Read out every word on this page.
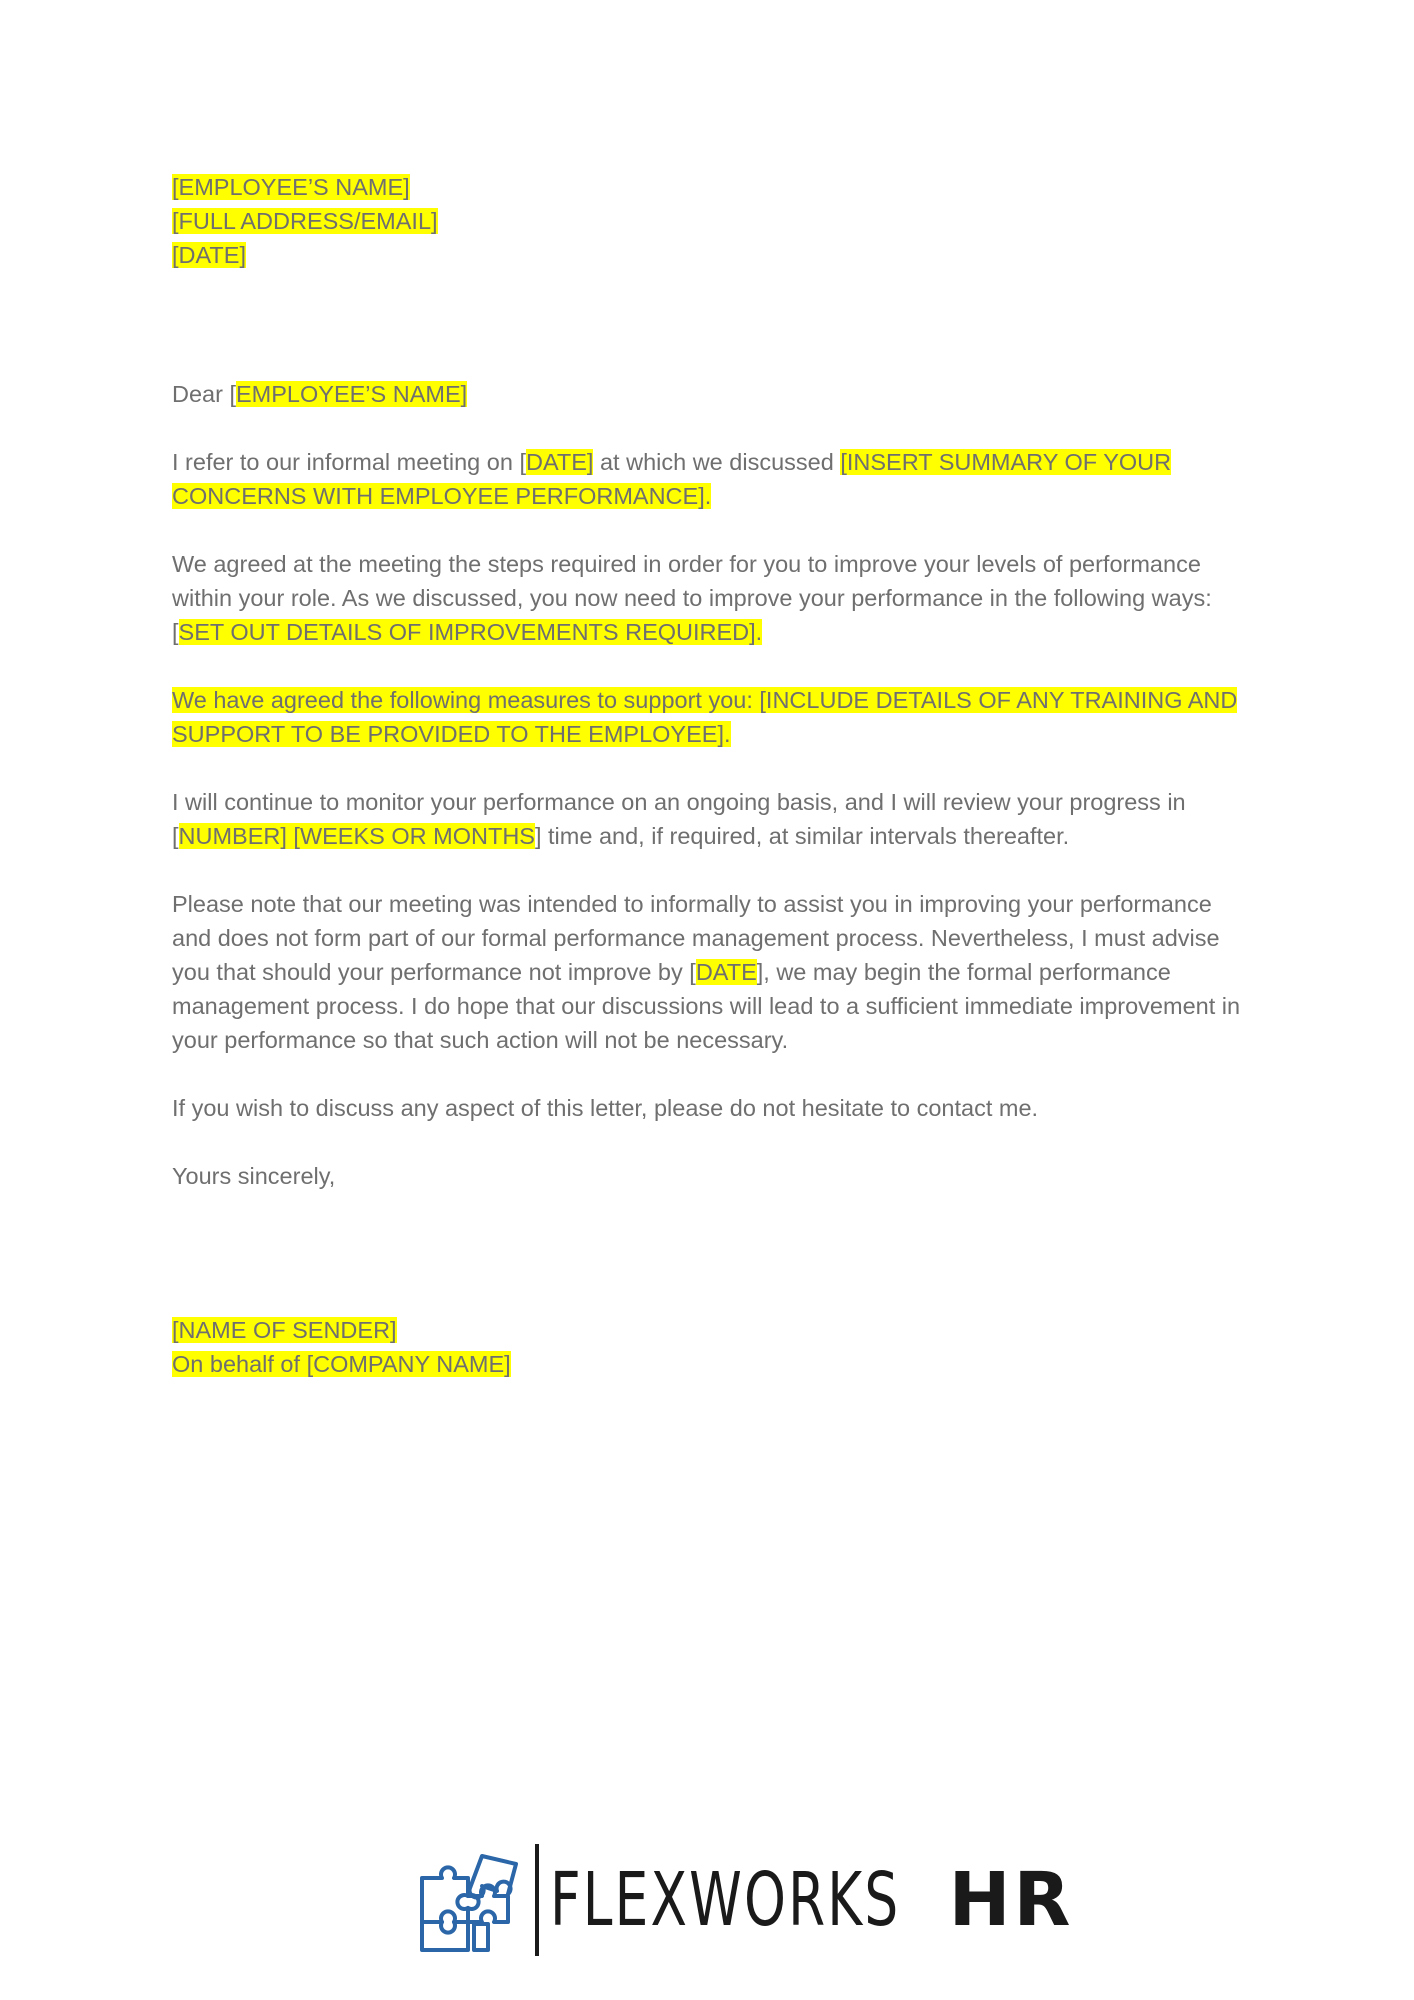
[EMPLOYEE’S NAME]

[FULL ADDRESS/EMAIL]

[DATE]

Dear [EMPLOYEE’S NAME]

I refer to our informal meeting on [DATE] at which we discussed [INSERT SUMMARY OF YOUR CONCERNS WITH EMPLOYEE PERFORMANCE].

We agreed at the meeting the steps required in order for you to improve your levels of performance within your role. As we discussed, you now need to improve your performance in the following ways: [SET OUT DETAILS OF IMPROVEMENTS REQUIRED].

We have agreed the following measures to support you: [INCLUDE DETAILS OF ANY TRAINING AND SUPPORT TO BE PROVIDED TO THE EMPLOYEE].

I will continue to monitor your performance on an ongoing basis, and I will review your progress in [NUMBER] [WEEKS OR MONTHS] time and, if required, at similar intervals thereafter.

Please note that our meeting was intended to informally to assist you in improving your performance and does not form part of our formal performance management process. Nevertheless, I must advise you that should your performance not improve by [DATE], we may begin the formal performance management process. I do hope that our discussions will lead to a sufficient immediate improvement in your performance so that such action will not be necessary.

If you wish to discuss any aspect of this letter, please do not hesitate to contact me.

Yours sincerely,

[NAME OF SENDER]

On behalf of [COMPANY NAME]

FLEXWORKS HR
